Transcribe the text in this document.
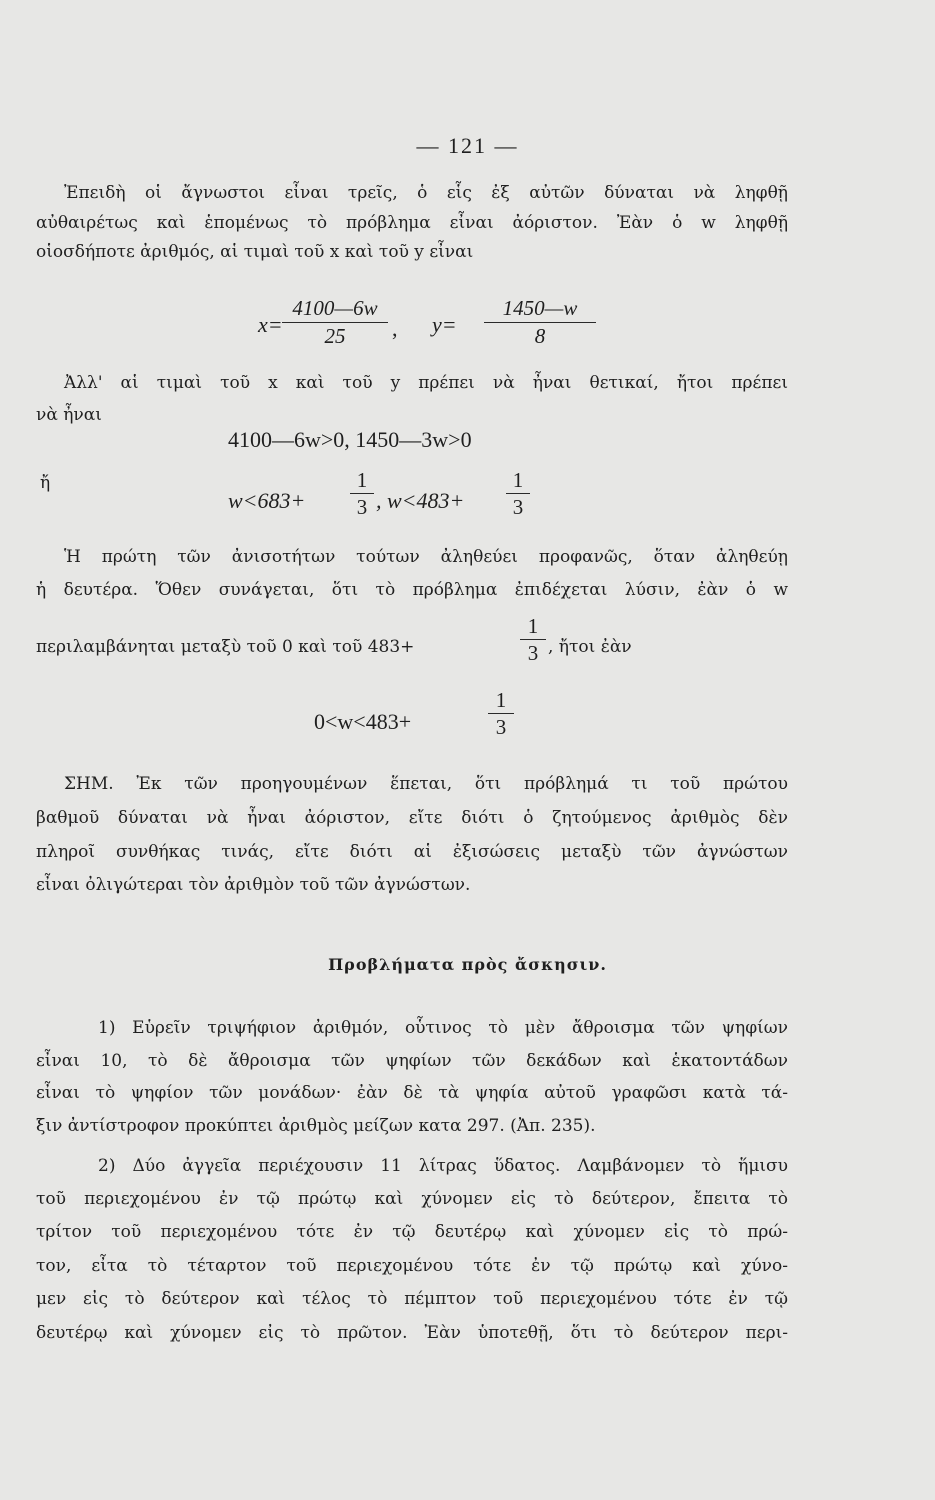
— 121 —
Ἐπειδὴ οἱ ἄγνωστοι εἶναι τρεῖς, ὁ εἷς ἐξ αὐτῶν δύναται νὰ ληφθῇ
αὐθαιρέτως καὶ ἑπομένως τὸ πρόβλημα εἶναι ἀόριστον. Ἐὰν ὁ w ληφθῇ
οἱοσδήποτε ἀριθμός, αἱ τιμαὶ τοῦ x καὶ τοῦ y εἶναι
$x= \frac{4100—6w}{25}$ , $y= \frac{1450—w}{8}$
Ἀλλ' αἱ τιμαὶ τοῦ x καὶ τοῦ y πρέπει νὰ ἦναι θετικαί, ἤτοι πρέπει
νὰ ἦναι
4100—6w>0, 1450—3w>0
ἤ
$w<683+ \frac{1}{3}$ , $w<483+ \frac{1}{3}$
Ἡ πρώτη τῶν ἀνισοτήτων τούτων ἀληθεύει προφανῶς, ὅταν ἀληθεύῃ
ἡ δευτέρα. Ὅθεν συνάγεται, ὅτι τὸ πρόβλημα ἐπιδέχεται λύσιν, ἐὰν ὁ w
περιλαμβάνηται μεταξὺ τοῦ 0 καὶ τοῦ 483+	$\frac{1}{3}$ , ἤτοι ἐὰν
0<w<483+	$\frac{1}{3}$
ΣΗΜ. Ἐκ τῶν προηγουμένων ἕπεται, ὅτι πρόβλημά τι τοῦ πρώτου
βαθμοῦ δύναται νὰ ἦναι ἀόριστον, εἴτε διότι ὁ ζητούμενος ἀριθμὸς δὲν
πληροῖ συνθήκας τινάς, εἴτε διότι αἱ ἐξισώσεις μεταξὺ τῶν ἀγνώστων
εἶναι ὀλιγώτεραι τὸν ἀριθμὸν τοῦ τῶν ἀγνώστων.
Προβλήματα πρὸς ἄσκησιν.
1) Εὑρεῖν τριψήφιον ἀριθμόν, οὗτινος τὸ μὲν ἄθροισμα τῶν ψηφίων
εἶναι 10, τὸ δὲ ἄθροισμα τῶν ψηφίων τῶν δεκάδων καὶ ἑκατοντάδων
εἶναι τὸ ψηφίον τῶν μονάδων· ἐὰν δὲ τὰ ψηφία αὐτοῦ γραφῶσι κατὰ τά-
ξιν ἀντίστροφον προκύπτει ἀριθμὸς μείζων κατα 297. (Ἀπ. 235).
2) Δύο ἀγγεῖα περιέχουσιν 11 λίτρας ὕδατος. Λαμβάνομεν τὸ ἥμισυ
τοῦ περιεχομένου ἐν τῷ πρώτῳ καὶ χύνομεν εἰς τὸ δεύτερον, ἔπειτα τὸ
τρίτον τοῦ περιεχομένου τότε ἐν τῷ δευτέρῳ καὶ χύνομεν εἰς τὸ πρώ-
τον, εἶτα τὸ τέταρτον τοῦ περιεχομένου τότε ἐν τῷ πρώτῳ καὶ χύνο-
μεν εἰς τὸ δεύτερον καὶ τέλος τὸ πέμπτον τοῦ περιεχομένου τότε ἐν τῷ
δευτέρῳ καὶ χύνομεν εἰς τὸ πρῶτον. Ἐὰν ὑποτεθῇ, ὅτι τὸ δεύτερον περι-
